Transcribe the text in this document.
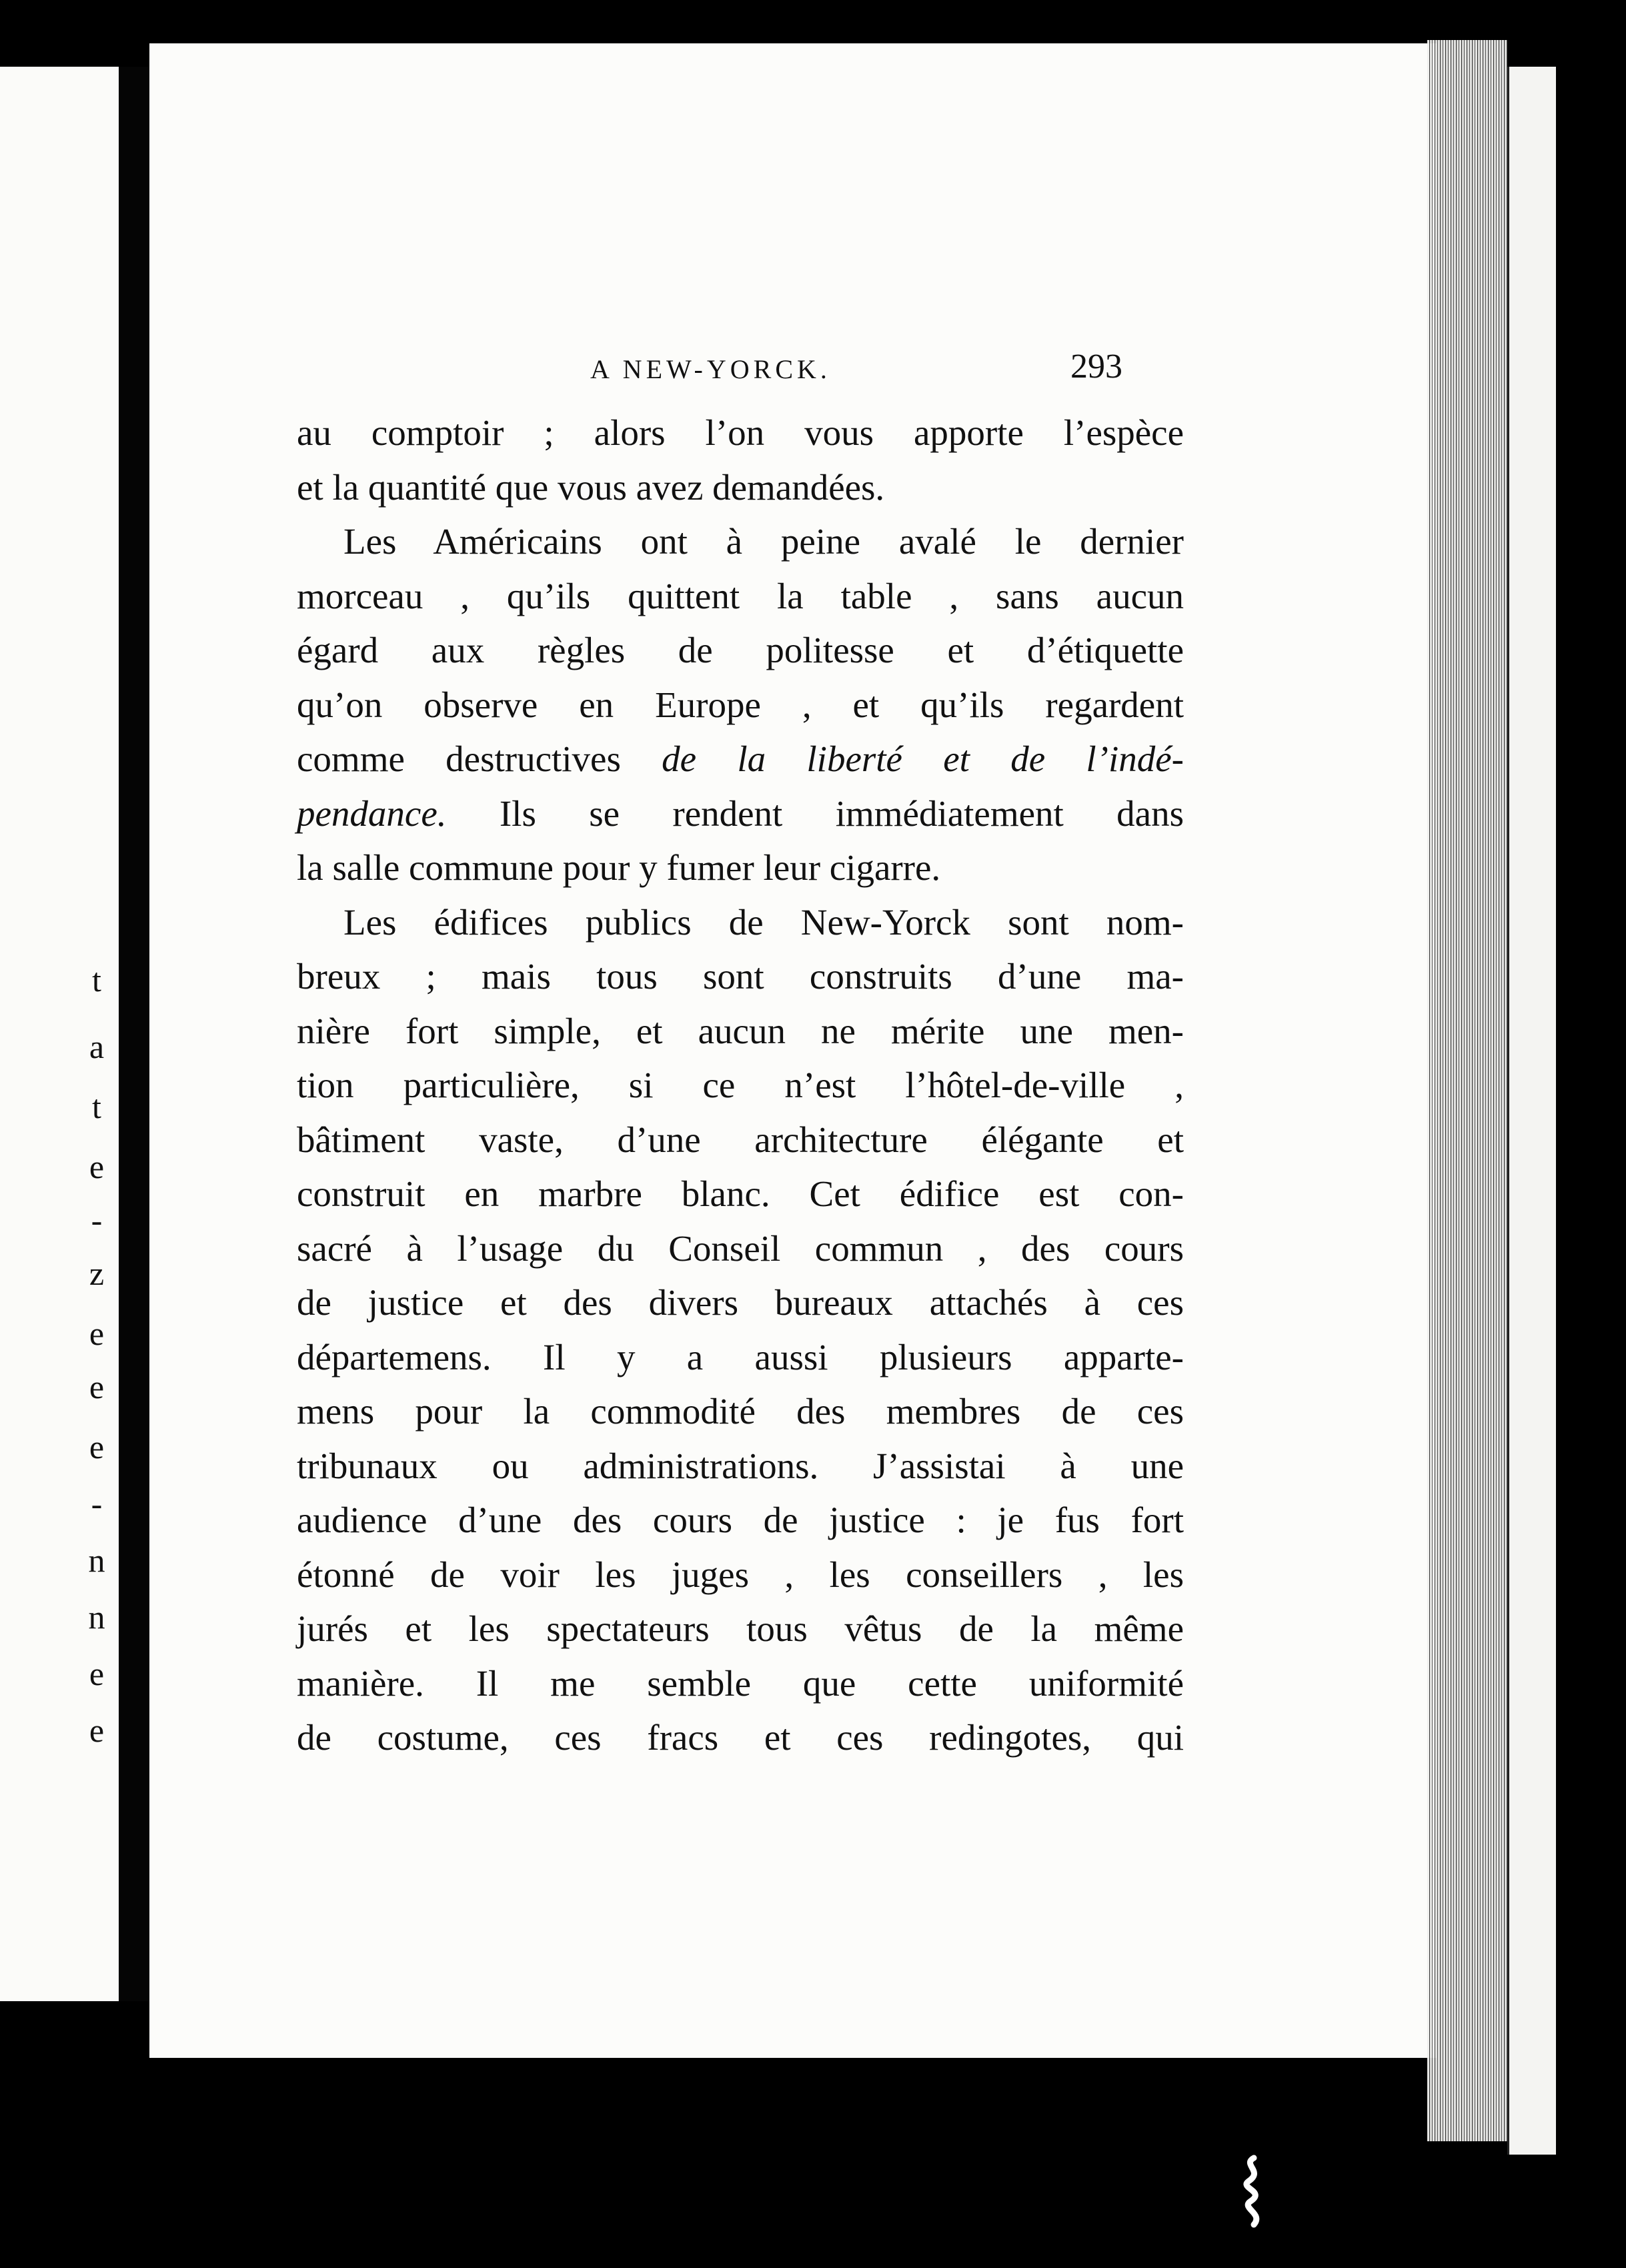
t
a
t
e
-
z
e
e
e
-
n
n
e
e
A NEW-YORCK.	293
au comptoir ; alors l’on vous apporte l’espèce
et la quantité que vous avez demandées.
Les Américains ont à peine avalé le dernier
morceau , qu’ils quittent la table , sans aucun
égard aux règles de politesse et d’étiquette
qu’on observe en Europe , et qu’ils regardent
comme destructives de la liberté et de l’indé-
pendance. Ils se rendent immédiatement dans
la salle commune pour y fumer leur cigarre.
Les édifices publics de New-Yorck sont nom-
breux ; mais tous sont construits d’une ma-
nière fort simple, et aucun ne mérite une men-
tion particulière, si ce n’est l’hôtel-de-ville ,
bâtiment vaste, d’une architecture élégante et
construit en marbre blanc. Cet édifice est con-
sacré à l’usage du Conseil commun , des cours
de justice et des divers bureaux attachés à ces
départemens. Il y a aussi plusieurs apparte-
mens pour la commodité des membres de ces
tribunaux ou administrations. J’assistai à une
audience d’une des cours de justice : je fus fort
étonné de voir les juges , les conseillers , les
jurés et les spectateurs tous vêtus de la même
manière. Il me semble que cette uniformité
de costume, ces fracs et ces redingotes, qui
